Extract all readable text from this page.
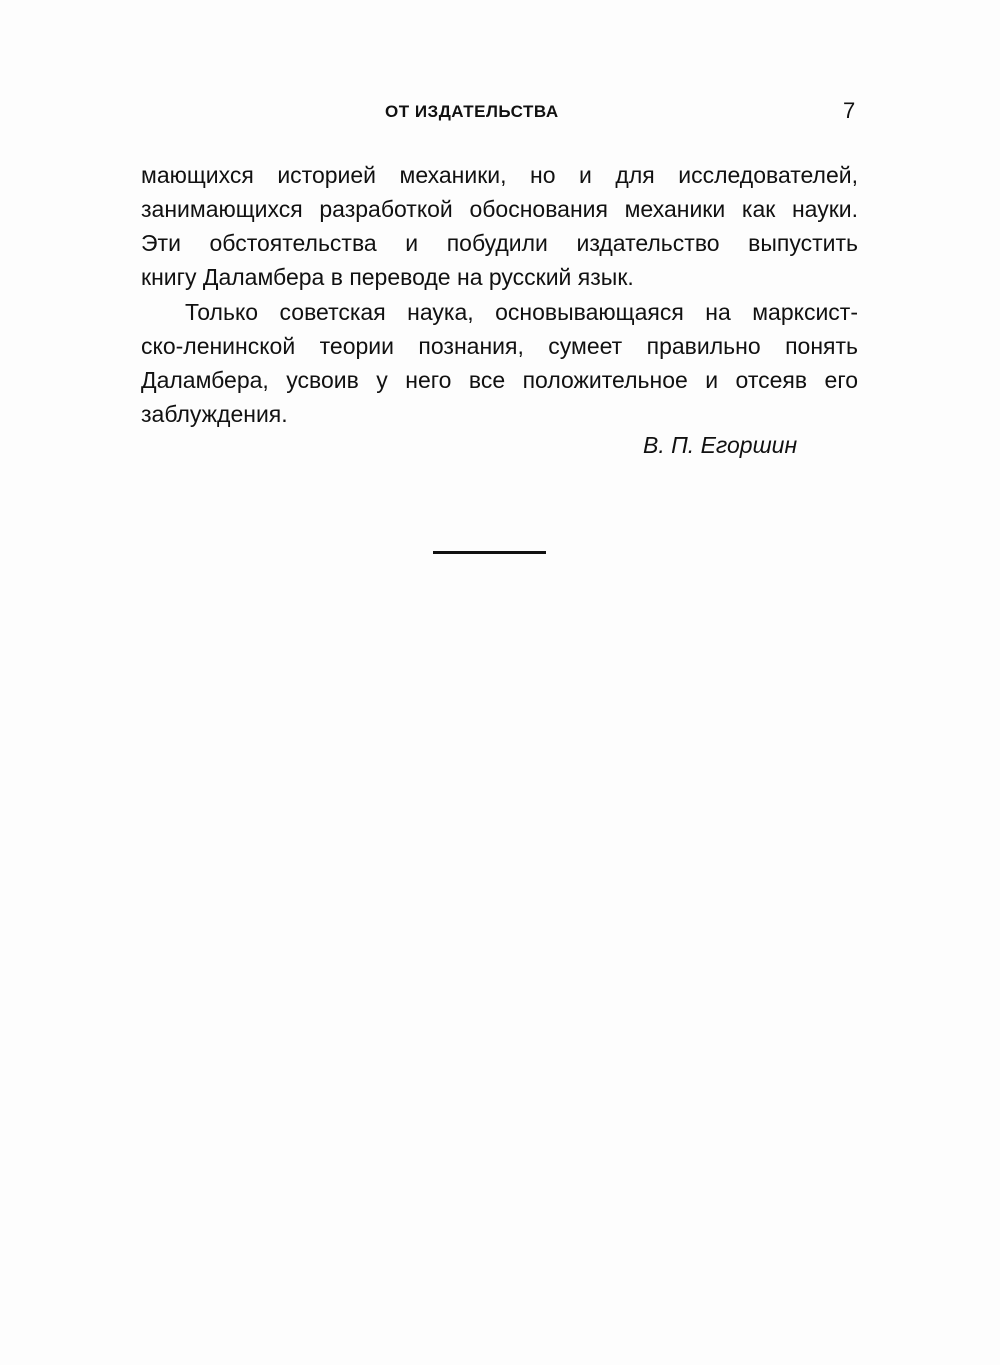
ОТ ИЗДАТЕЛЬСТВА	7
мающихся историей механики, но и для исследователей,
занимающихся разработкой обоснования механики как науки.
Эти обстоятельства и побудили издательство выпустить
книгу Даламбера в переводе на русский язык.
Только советская наука, основывающаяся на марксист-
ско-ленинской теории познания, сумеет правильно понять
Даламбера, усвоив у него все положительное и отсеяв его
заблуждения.
В. П. Егоршин
